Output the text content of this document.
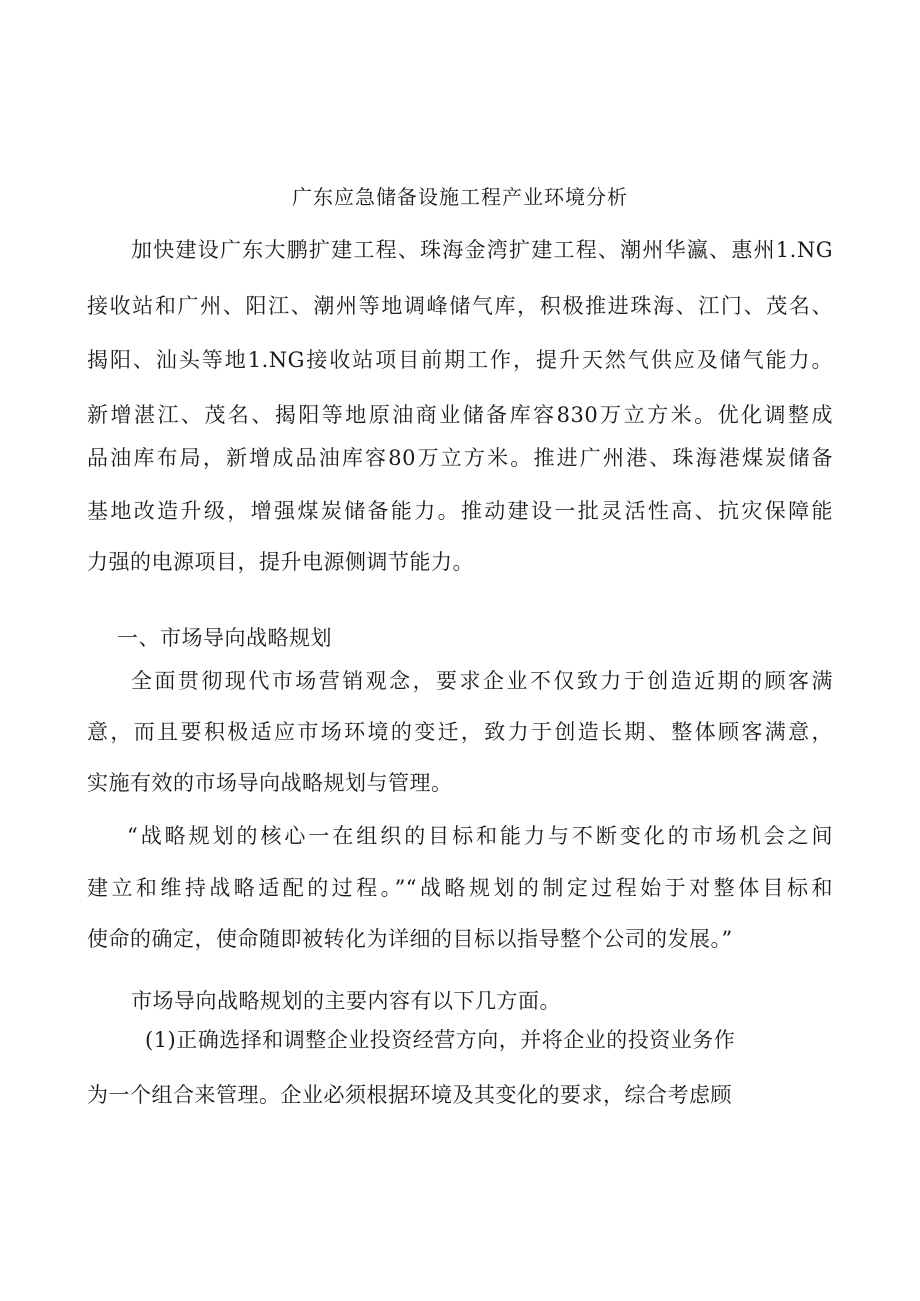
广东应急储备设施工程产业环境分析

加快建设广东大鹏扩建工程、珠海金湾扩建工程、潮州华瀛、惠州1.NG

接收站和广州、阳江、潮州等地调峰储气库，积极推进珠海、江门、茂名、

揭阳、汕头等地1.NG接收站项目前期工作，提升天然气供应及储气能力。

新增湛江、茂名、揭阳等地原油商业储备库容830万立方米。优化调整成

品油库布局，新增成品油库容80万立方米。推进广州港、珠海港煤炭储备

基地改造升级，增强煤炭储备能力。推动建设一批灵活性高、抗灾保障能

力强的电源项目，提升电源侧调节能力。

一、市场导向战略规划

全面贯彻现代市场营销观念，要求企业不仅致力于创造近期的顾客满

意，而且要积极适应市场环境的变迁，致力于创造长期、整体顾客满意，

实施有效的市场导向战略规划与管理。

“战略规划的核心一在组织的目标和能力与不断变化的市场机会之间

建立和维持战略适配的过程。”“战略规划的制定过程始于对整体目标和

使命的确定，使命随即被转化为详细的目标以指导整个公司的发展。”

市场导向战略规划的主要内容有以下几方面。

(1)正确选择和调整企业投资经营方向，并将企业的投资业务作

为一个组合来管理。企业必须根据环境及其变化的要求，综合考虑顾
